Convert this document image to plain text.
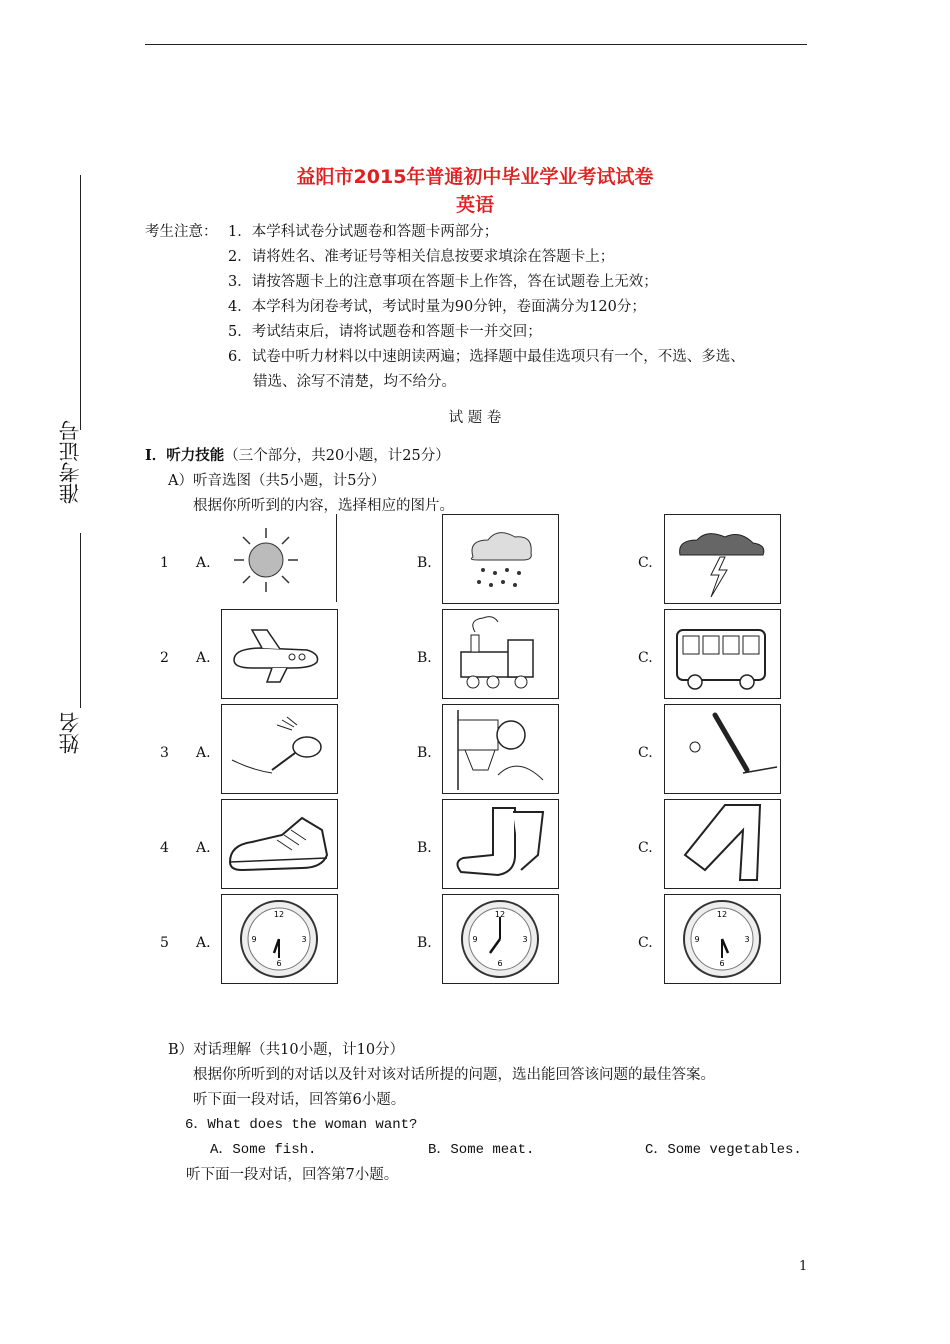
准考证号
姓名
益阳市2015年普通初中毕业学业考试试卷
英语
考生注意： 1．本学科试卷分试题卷和答题卡两部分；
2．请将姓名、准考证号等相关信息按要求填涂在答题卡上；
3．请按答题卡上的注意事项在答题卡上作答，答在试题卷上无效；
4．本学科为闭卷考试，考试时量为90分钟，卷面满分为120分；
5．考试结束后，请将试题卷和答题卡一并交回；
6．试卷中听力材料以中速朗读两遍；选择题中最佳选项只有一个，不选、多选、
错选、涂写不清楚，均不给分。
试 题 卷
I．听力技能（三个部分，共20小题，计25分）
A）听音选图（共5小题，计5分）
根据你所听到的内容，选择相应的图片。
1 A.	B.	C.
2 A.	B.	C.
3 A.	B.	C.
4 A.	B.	C.
5 A.	B.	C.
12
3
6
9
12
3
6
9
12
3
6
9
B）对话理解（共10小题，计10分）
根据你所听到的对话以及针对该对话所提的问题，选出能回答该问题的最佳答案。
听下面一段对话，回答第6小题。
6．What does the woman want?
A．Some fish.	B．Some meat.	C．Some vegetables.
听下面一段对话，回答第7小题。
1
